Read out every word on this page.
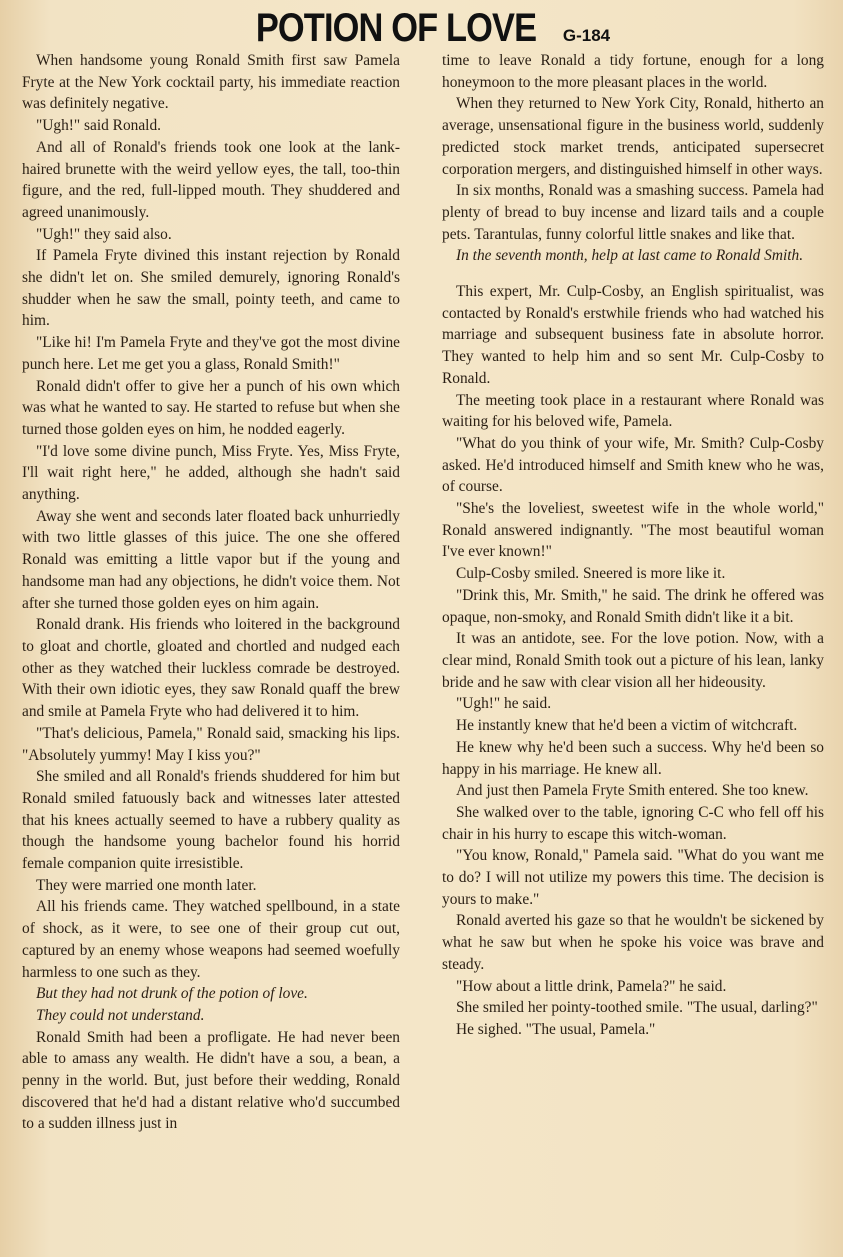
POTION OF LOVE G-184

When handsome young Ronald Smith first saw Pamela Fryte at the New York cocktail party, his immediate reaction was definitely negative.

"Ugh!" said Ronald.

And all of Ronald's friends took one look at the lank-haired brunette with the weird yellow eyes, the tall, too-thin figure, and the red, full-lipped mouth. They shuddered and agreed unanimously.

"Ugh!" they said also.

If Pamela Fryte divined this instant rejection by Ronald she didn't let on. She smiled demurely, ignoring Ronald's shudder when he saw the small, pointy teeth, and came to him.

"Like hi! I'm Pamela Fryte and they've got the most divine punch here. Let me get you a glass, Ronald Smith!"

Ronald didn't offer to give her a punch of his own which was what he wanted to say. He started to refuse but when she turned those golden eyes on him, he nodded eagerly.

"I'd love some divine punch, Miss Fryte. Yes, Miss Fryte, I'll wait right here," he added, although she hadn't said anything.

Away she went and seconds later floated back unhurriedly with two little glasses of this juice. The one she offered Ronald was emitting a little vapor but if the young and handsome man had any objections, he didn't voice them. Not after she turned those golden eyes on him again.

Ronald drank. His friends who loitered in the background to gloat and chortle, gloated and chortled and nudged each other as they watched their luckless comrade be destroyed. With their own idiotic eyes, they saw Ronald quaff the brew and smile at Pamela Fryte who had delivered it to him.

"That's delicious, Pamela," Ronald said, smacking his lips. "Absolutely yummy! May I kiss you?"

She smiled and all Ronald's friends shuddered for him but Ronald smiled fatuously back and witnesses later attested that his knees actually seemed to have a rubbery quality as though the handsome young bachelor found his horrid female companion quite irresistible.

They were married one month later.

All his friends came. They watched spellbound, in a state of shock, as it were, to see one of their group cut out, captured by an enemy whose weapons had seemed woefully harmless to one such as they.

But they had not drunk of the potion of love.

They could not understand.

Ronald Smith had been a profligate. He had never been able to amass any wealth. He didn't have a sou, a bean, a penny in the world. But, just before their wedding, Ronald discovered that he'd had a distant relative who'd succumbed to a sudden illness just in

time to leave Ronald a tidy fortune, enough for a long honeymoon to the more pleasant places in the world.

When they returned to New York City, Ronald, hitherto an average, unsensational figure in the business world, suddenly predicted stock market trends, anticipated supersecret corporation mergers, and distinguished himself in other ways.

In six months, Ronald was a smashing success. Pamela had plenty of bread to buy incense and lizard tails and a couple pets. Tarantulas, funny colorful little snakes and like that.

In the seventh month, help at last came to Ronald Smith.

This expert, Mr. Culp-Cosby, an English spiritualist, was contacted by Ronald's erstwhile friends who had watched his marriage and subsequent business fate in absolute horror. They wanted to help him and so sent Mr. Culp-Cosby to Ronald.

The meeting took place in a restaurant where Ronald was waiting for his beloved wife, Pamela.

"What do you think of your wife, Mr. Smith? Culp-Cosby asked. He'd introduced himself and Smith knew who he was, of course.

"She's the loveliest, sweetest wife in the whole world," Ronald answered indignantly. "The most beautiful woman I've ever known!"

Culp-Cosby smiled. Sneered is more like it.

"Drink this, Mr. Smith," he said. The drink he offered was opaque, non-smoky, and Ronald Smith didn't like it a bit.

It was an antidote, see. For the love potion. Now, with a clear mind, Ronald Smith took out a picture of his lean, lanky bride and he saw with clear vision all her hideousity.

"Ugh!" he said.

He instantly knew that he'd been a victim of witchcraft.

He knew why he'd been such a success. Why he'd been so happy in his marriage. He knew all.

And just then Pamela Fryte Smith entered. She too knew.

She walked over to the table, ignoring C-C who fell off his chair in his hurry to escape this witch-woman.

"You know, Ronald," Pamela said. "What do you want me to do? I will not utilize my powers this time. The decision is yours to make."

Ronald averted his gaze so that he wouldn't be sickened by what he saw but when he spoke his voice was brave and steady.

"How about a little drink, Pamela?" he said.

She smiled her pointy-toothed smile. "The usual, darling?"

He sighed. "The usual, Pamela."
